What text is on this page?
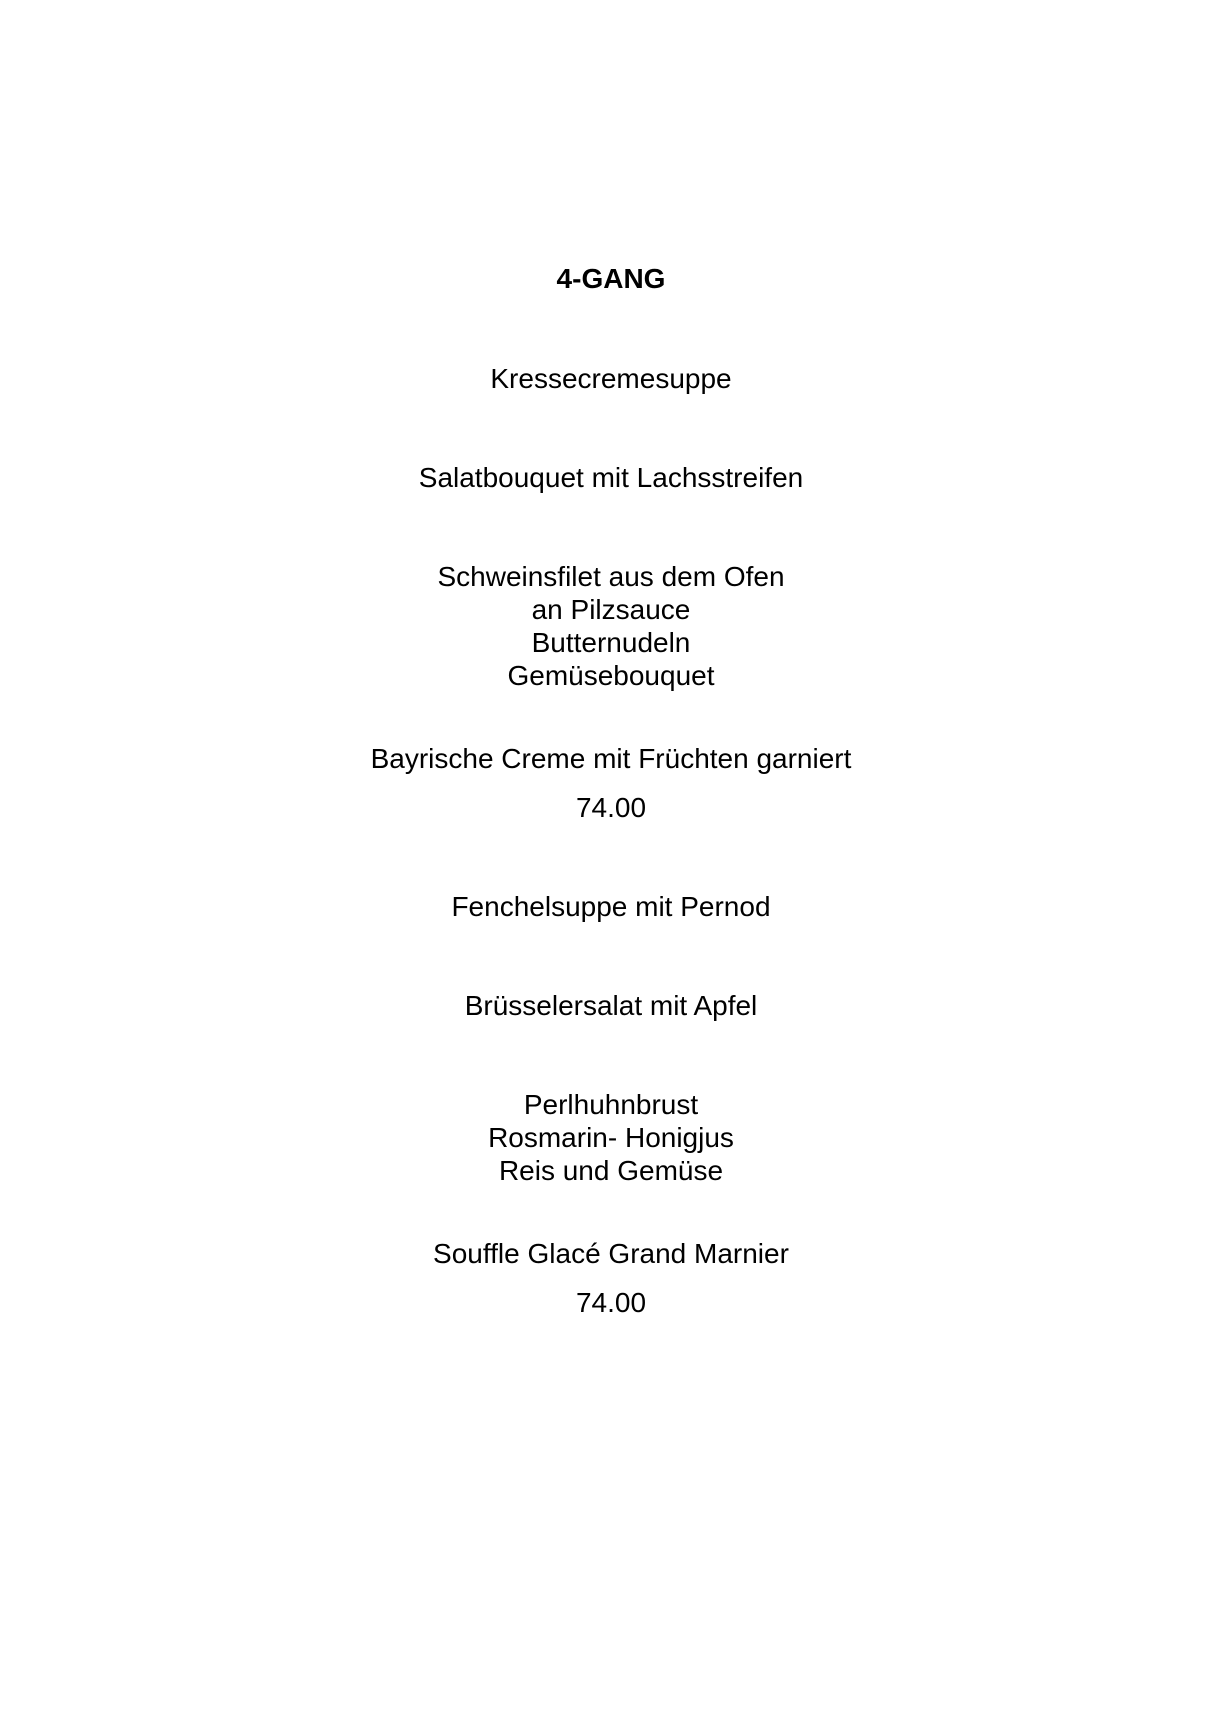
4-GANG
Kressecremesuppe
Salatbouquet mit Lachsstreifen
Schweinsfilet aus dem Ofen
an Pilzsauce
Butternudeln
Gemüsebouquet
Bayrische Creme mit Früchten garniert
74.00
Fenchelsuppe mit Pernod
Brüsselersalat mit Apfel
Perlhuhnbrust
Rosmarin- Honigjus
Reis und Gemüse
Souffle Glacé Grand Marnier
74.00
